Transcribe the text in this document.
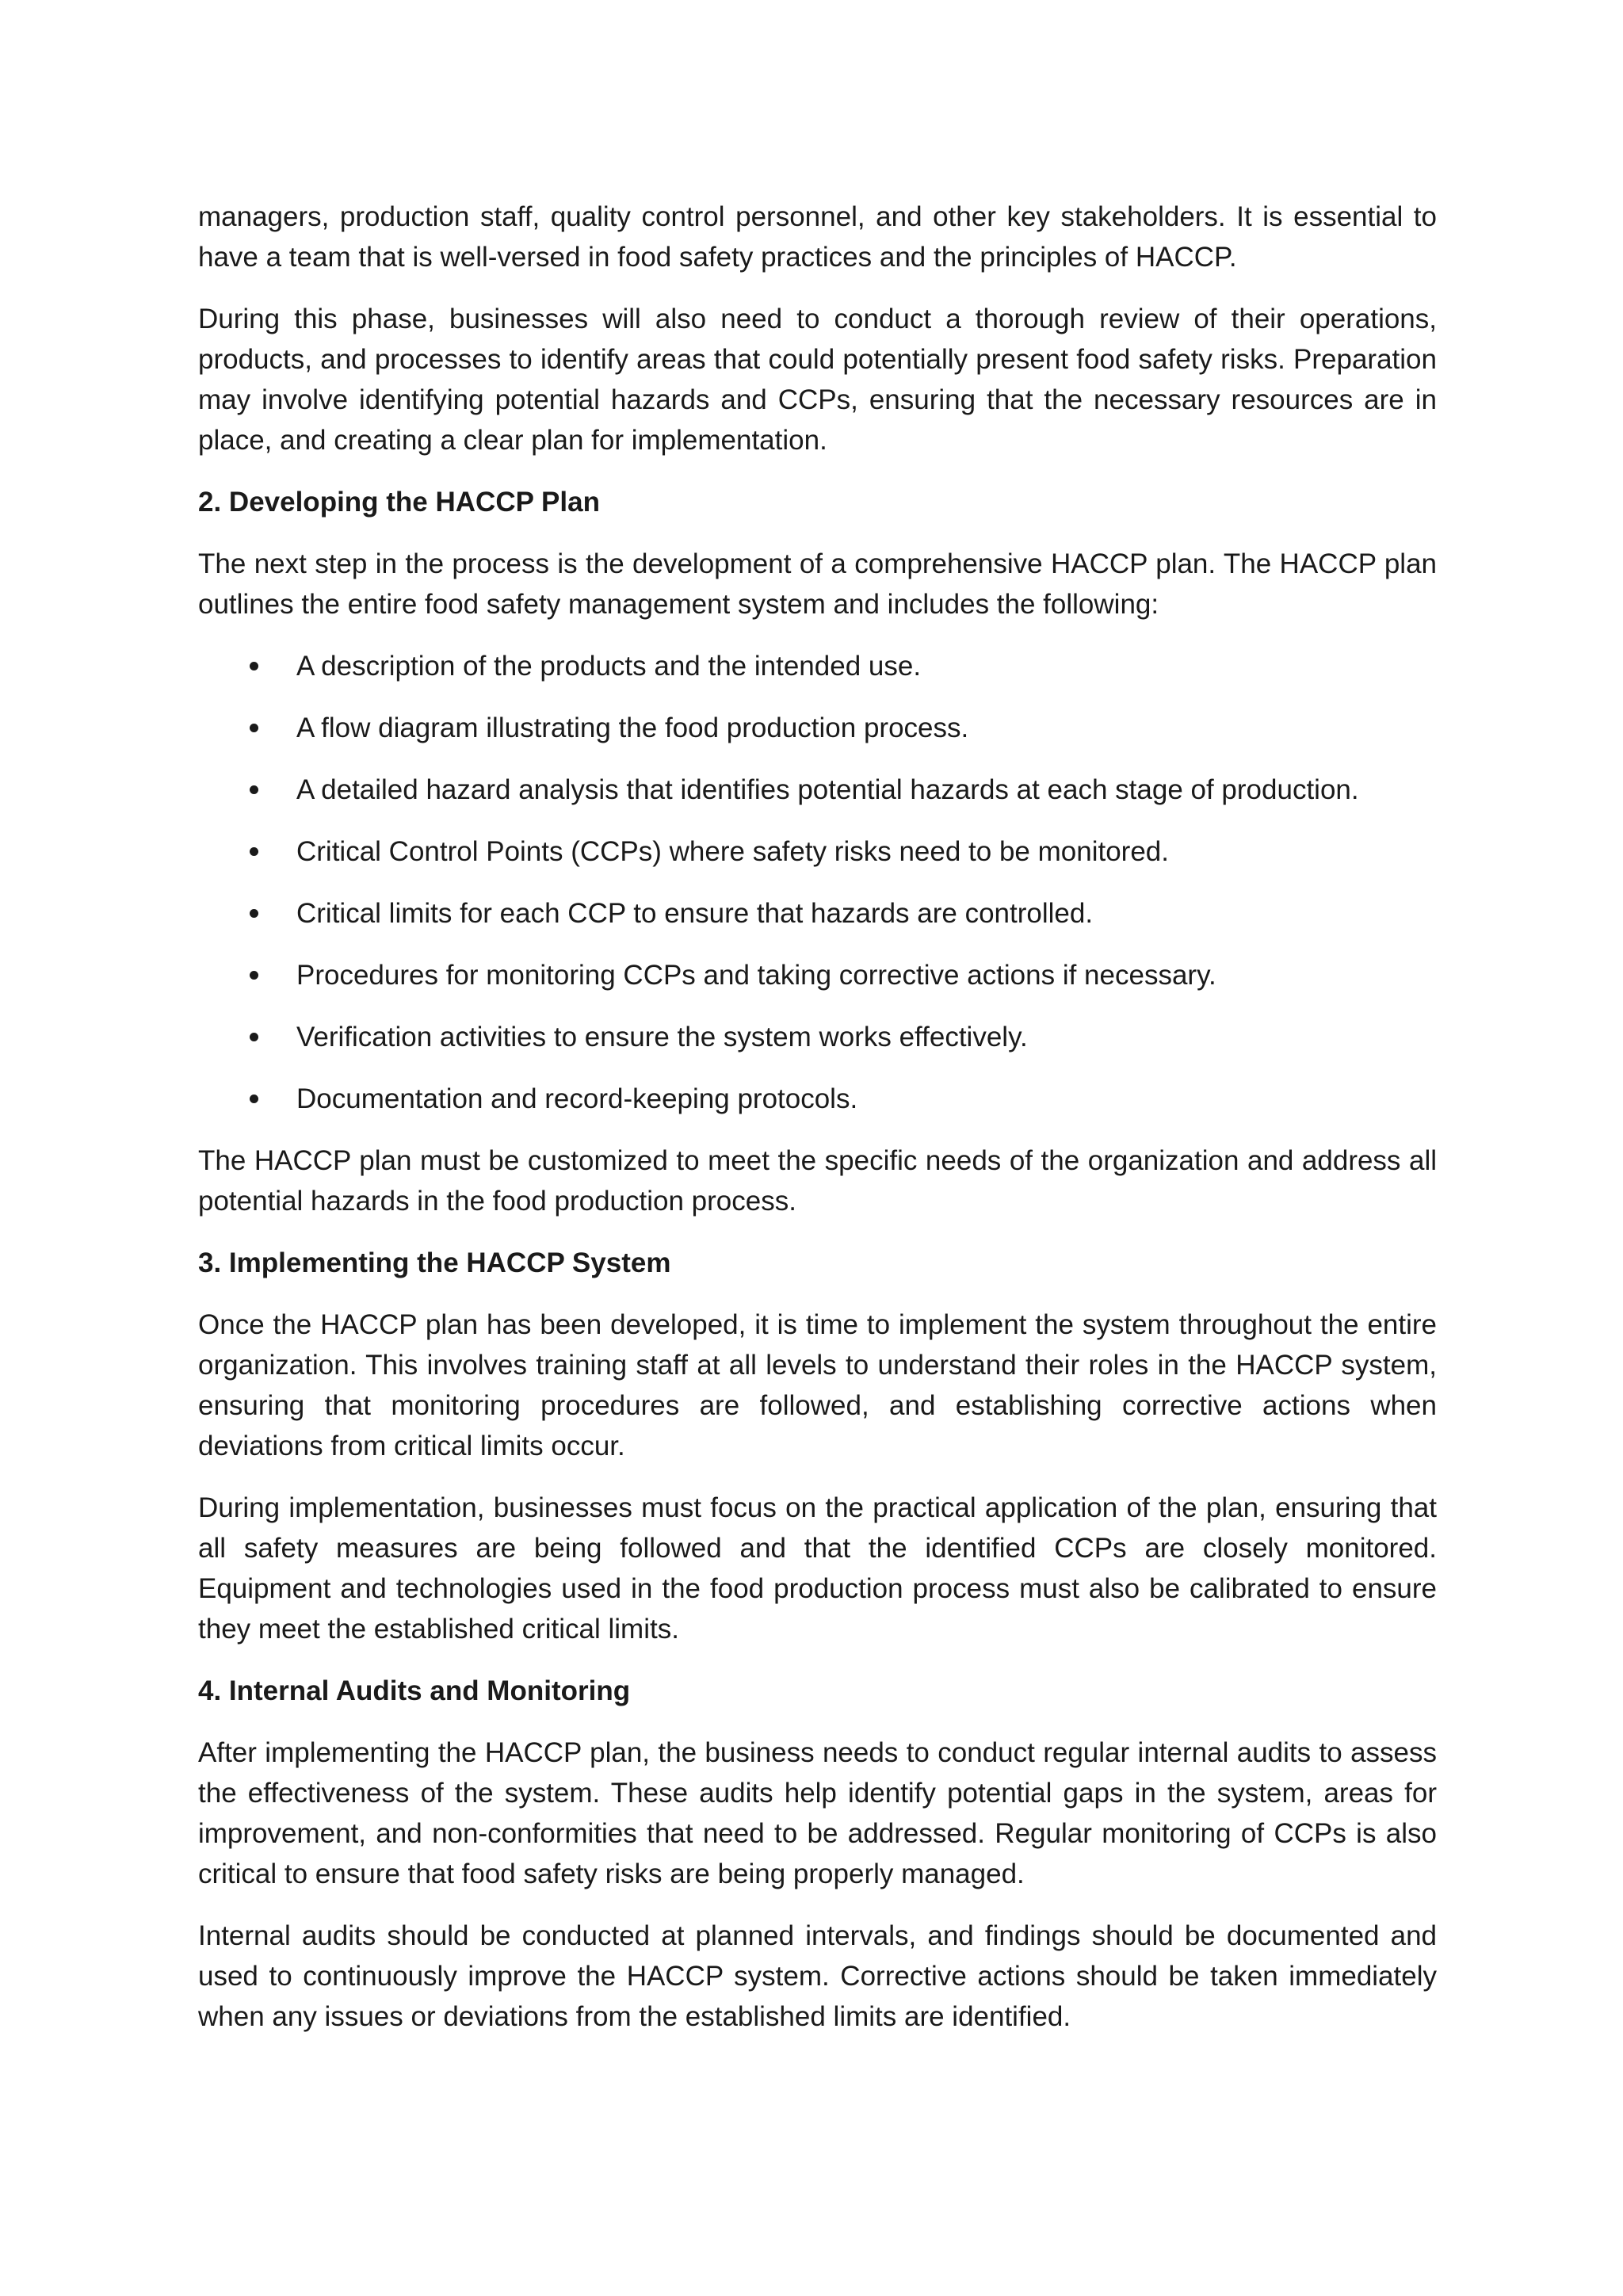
managers, production staff, quality control personnel, and other key stakeholders. It is essential to have a team that is well-versed in food safety practices and the principles of HACCP.

During this phase, businesses will also need to conduct a thorough review of their operations, products, and processes to identify areas that could potentially present food safety risks. Preparation may involve identifying potential hazards and CCPs, ensuring that the necessary resources are in place, and creating a clear plan for implementation.

2. Developing the HACCP Plan

The next step in the process is the development of a comprehensive HACCP plan. The HACCP plan outlines the entire food safety management system and includes the following:

A description of the products and the intended use.
A flow diagram illustrating the food production process.
A detailed hazard analysis that identifies potential hazards at each stage of production.
Critical Control Points (CCPs) where safety risks need to be monitored.
Critical limits for each CCP to ensure that hazards are controlled.
Procedures for monitoring CCPs and taking corrective actions if necessary.
Verification activities to ensure the system works effectively.
Documentation and record-keeping protocols.

The HACCP plan must be customized to meet the specific needs of the organization and address all potential hazards in the food production process.

3. Implementing the HACCP System

Once the HACCP plan has been developed, it is time to implement the system throughout the entire organization. This involves training staff at all levels to understand their roles in the HACCP system, ensuring that monitoring procedures are followed, and establishing corrective actions when deviations from critical limits occur.

During implementation, businesses must focus on the practical application of the plan, ensuring that all safety measures are being followed and that the identified CCPs are closely monitored. Equipment and technologies used in the food production process must also be calibrated to ensure they meet the established critical limits.

4. Internal Audits and Monitoring

After implementing the HACCP plan, the business needs to conduct regular internal audits to assess the effectiveness of the system. These audits help identify potential gaps in the system, areas for improvement, and non-conformities that need to be addressed. Regular monitoring of CCPs is also critical to ensure that food safety risks are being properly managed.

Internal audits should be conducted at planned intervals, and findings should be documented and used to continuously improve the HACCP system. Corrective actions should be taken immediately when any issues or deviations from the established limits are identified.
